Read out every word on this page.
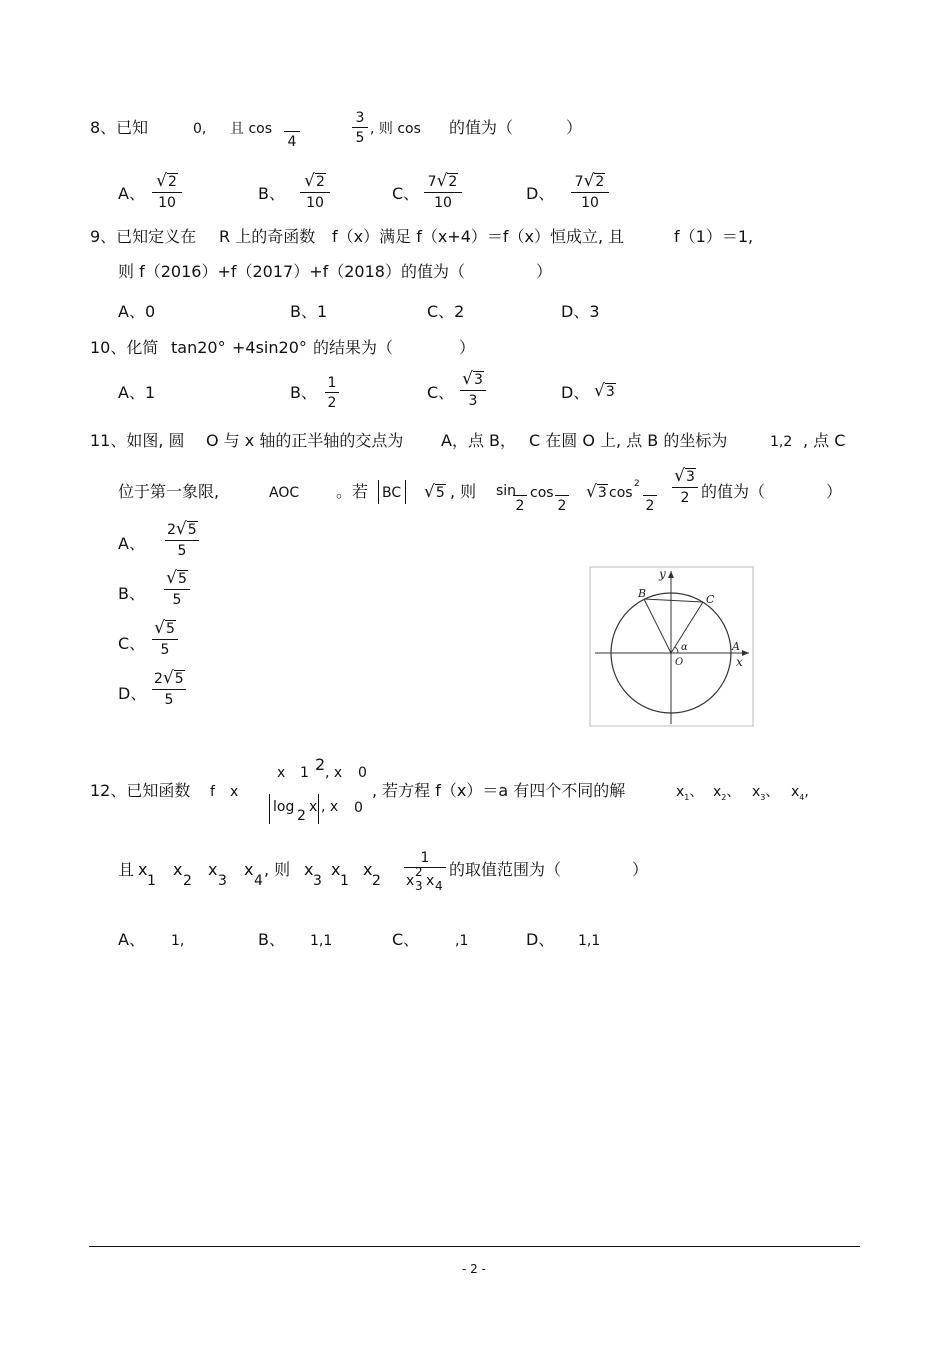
8、已知	0, 且 cos
4	$\frac{3}{5}$ , 则 cos 的值为（	）
A、 $\frac{√2}{10}$	B、 $\frac{√2}{10}$	C、 $\frac{7√2}{10}$	D、 $\frac{7√2}{10}$
9、已知定义在 R 上的奇函数 f（x）满足 f（x+4）＝f（x）恒成立, 且	f（1）＝1,
则 f（2016）+f（2017）+f（2018）的值为（	）
A、0	B、1	C、2	D、3
10、化简 tan20° +4sin20° 的结果为（	）
A、1	B、 $\frac{1}{2}$	C、 $\frac{√3}{3}$	D、 √3
11、如图, 圆 O 与 x 轴的正半轴的交点为 A，点 B， C 在圆 O 上, 点 B 的坐标为	1,2 , 点 C
位于第一象限,	AOC 。若 BC √5 , 则 sin
2
cos
2
√3 cos
2
2
$\frac{√3}{2}$ 的值为（	）
A、 $\frac{2√5}{5}$
B、 $\frac{√5}{5}$
C、 $\frac{√5}{5}$
D、 $\frac{2√5}{5}$
y
x
B	C
A
O
α
12、已知函数 f x
x 1 2 , x 0
log
2
x , x 0
, 若方程 f（x）＝a 有四个不同的解	$x_1$、 $x_2$、 $x_3$、 $x_4$,
且 x
1
x
2
x
3
x
4
, 则 x
3
x
1
x
2 1
x
2
3 x 4 的取值范围为（	）
A、 1,	B、 1,1	C、	,1	D、 1,1
- 2 -
